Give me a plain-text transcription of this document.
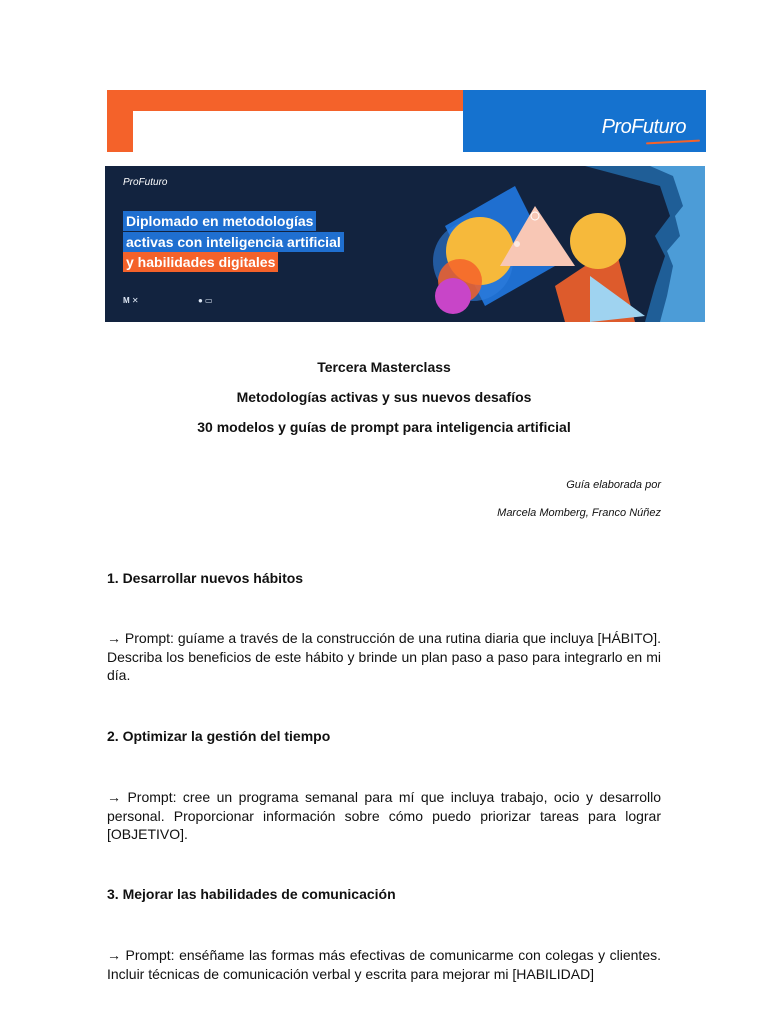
ProFuturo
ProFuturo
Diplomado en metodologías
activas con inteligencia artificial
y habilidades digitales
M ✕	● ▭
Tercera Masterclass
Metodologías activas y sus nuevos desafíos
30 modelos y guías de prompt para inteligencia artificial
Guía elaborada por
Marcela Momberg, Franco Núñez
1. Desarrollar nuevos hábitos
→ Prompt: guíame a través de la construcción de una rutina diaria que incluya [HÁBITO]. Describa los beneficios de este hábito y brinde un plan paso a paso para integrarlo en mi día.
2. Optimizar la gestión del tiempo
→ Prompt: cree un programa semanal para mí que incluya trabajo, ocio y desarrollo personal. Proporcionar información sobre cómo puedo priorizar tareas para lograr [OBJETIVO].
3. Mejorar las habilidades de comunicación
→ Prompt: enséñame las formas más efectivas de comunicarme con colegas y clientes. Incluir técnicas de comunicación verbal y escrita para mejorar mi [HABILIDAD]
